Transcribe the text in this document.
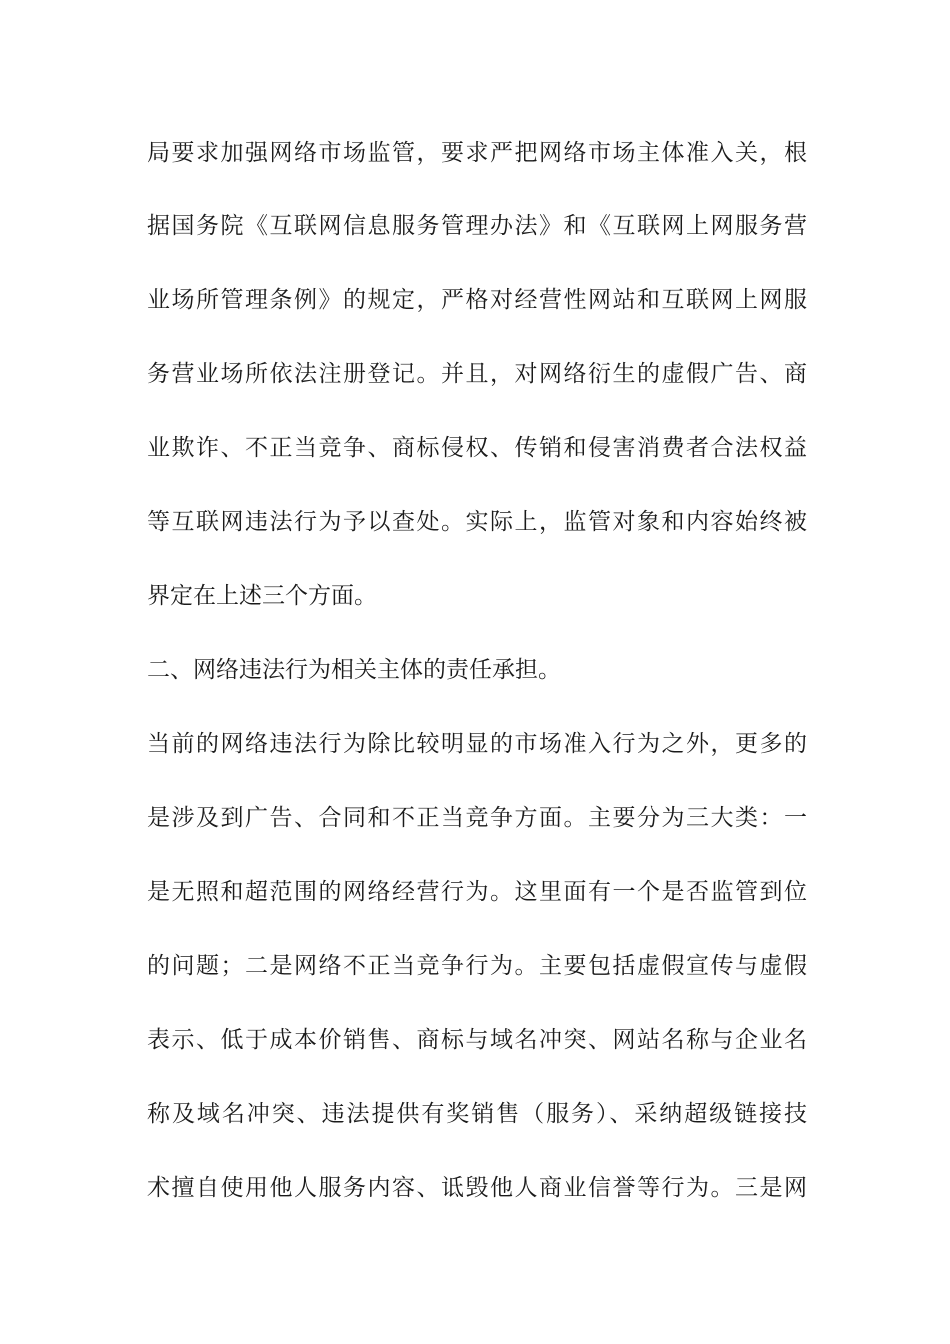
局要求加强网络市场监管，要求严把网络市场主体准入关，根
据国务院《互联网信息服务管理办法》和《互联网上网服务营
业场所管理条例》的规定，严格对经营性网站和互联网上网服
务营业场所依法注册登记。并且，对网络衍生的虚假广告、商
业欺诈、不正当竞争、商标侵权、传销和侵害消费者合法权益
等互联网违法行为予以查处。实际上，监管对象和内容始终被
界定在上述三个方面。
二、网络违法行为相关主体的责任承担。
当前的网络违法行为除比较明显的市场准入行为之外，更多的
是涉及到广告、合同和不正当竞争方面。主要分为三大类：一
是无照和超范围的网络经营行为。这里面有一个是否监管到位
的问题；二是网络不正当竞争行为。主要包括虚假宣传与虚假
表示、低于成本价销售、商标与域名冲突、网站名称与企业名
称及域名冲突、违法提供有奖销售（服务）、采纳超级链接技
术擅自使用他人服务内容、诋毁他人商业信誉等行为。三是网
